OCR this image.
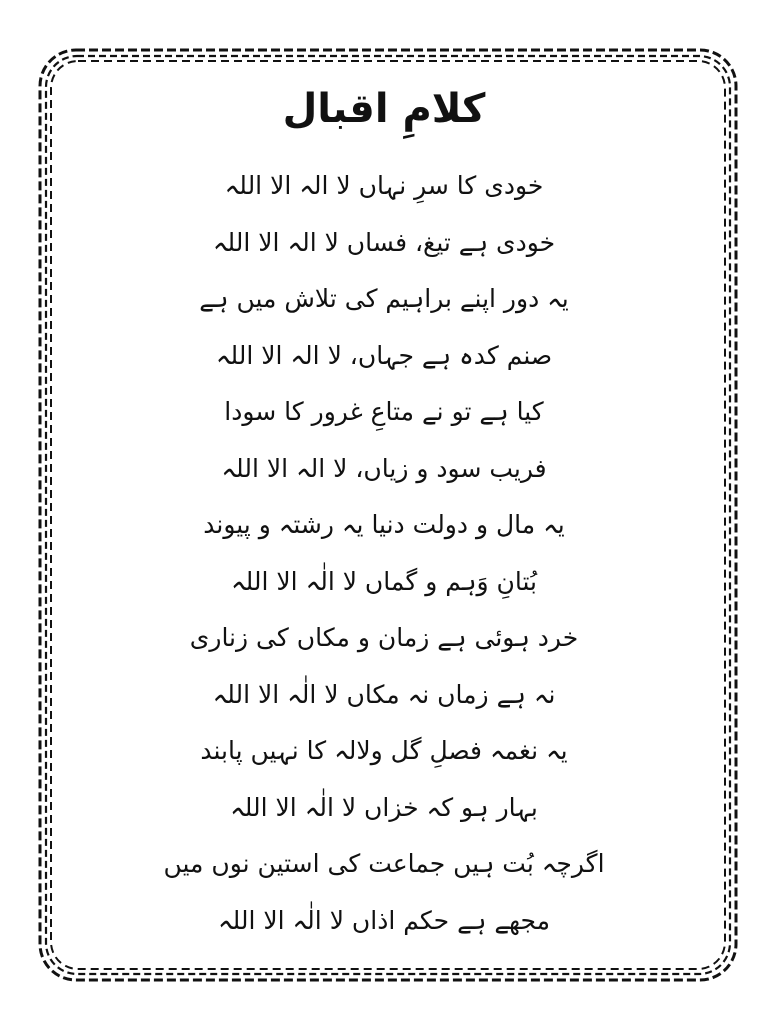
کلامِ اقبال
خودی کا سرِ نہاں لا الہ الا اللہ
خودی ہے تیغ، فساں لا الہ الا اللہ
یہ دور اپنے براہیم کی تلاش میں ہے
صنم کدہ ہے جہاں، لا الہ الا اللہ
کیا ہے تو نے متاعِ غرور کا سودا
فریب سود و زیاں، لا الہ الا اللہ
یہ مال و دولت دنیا یہ رشتہ و پیوند
بُتانِ وَہم و گماں لا الٰہ الا اللہ
خرد ہوئی ہے زمان و مکاں کی زناری
نہ ہے زماں نہ مکاں لا الٰہ الا اللہ
یہ نغمہ فصلِ گل ولالہ کا نہیں پابند
بہار ہو کہ خزاں لا الٰہ الا اللہ
اگرچہ بُت ہیں جماعت کی استین نوں میں
مجھے ہے حکم اذاں لا الٰہ الا اللہ
